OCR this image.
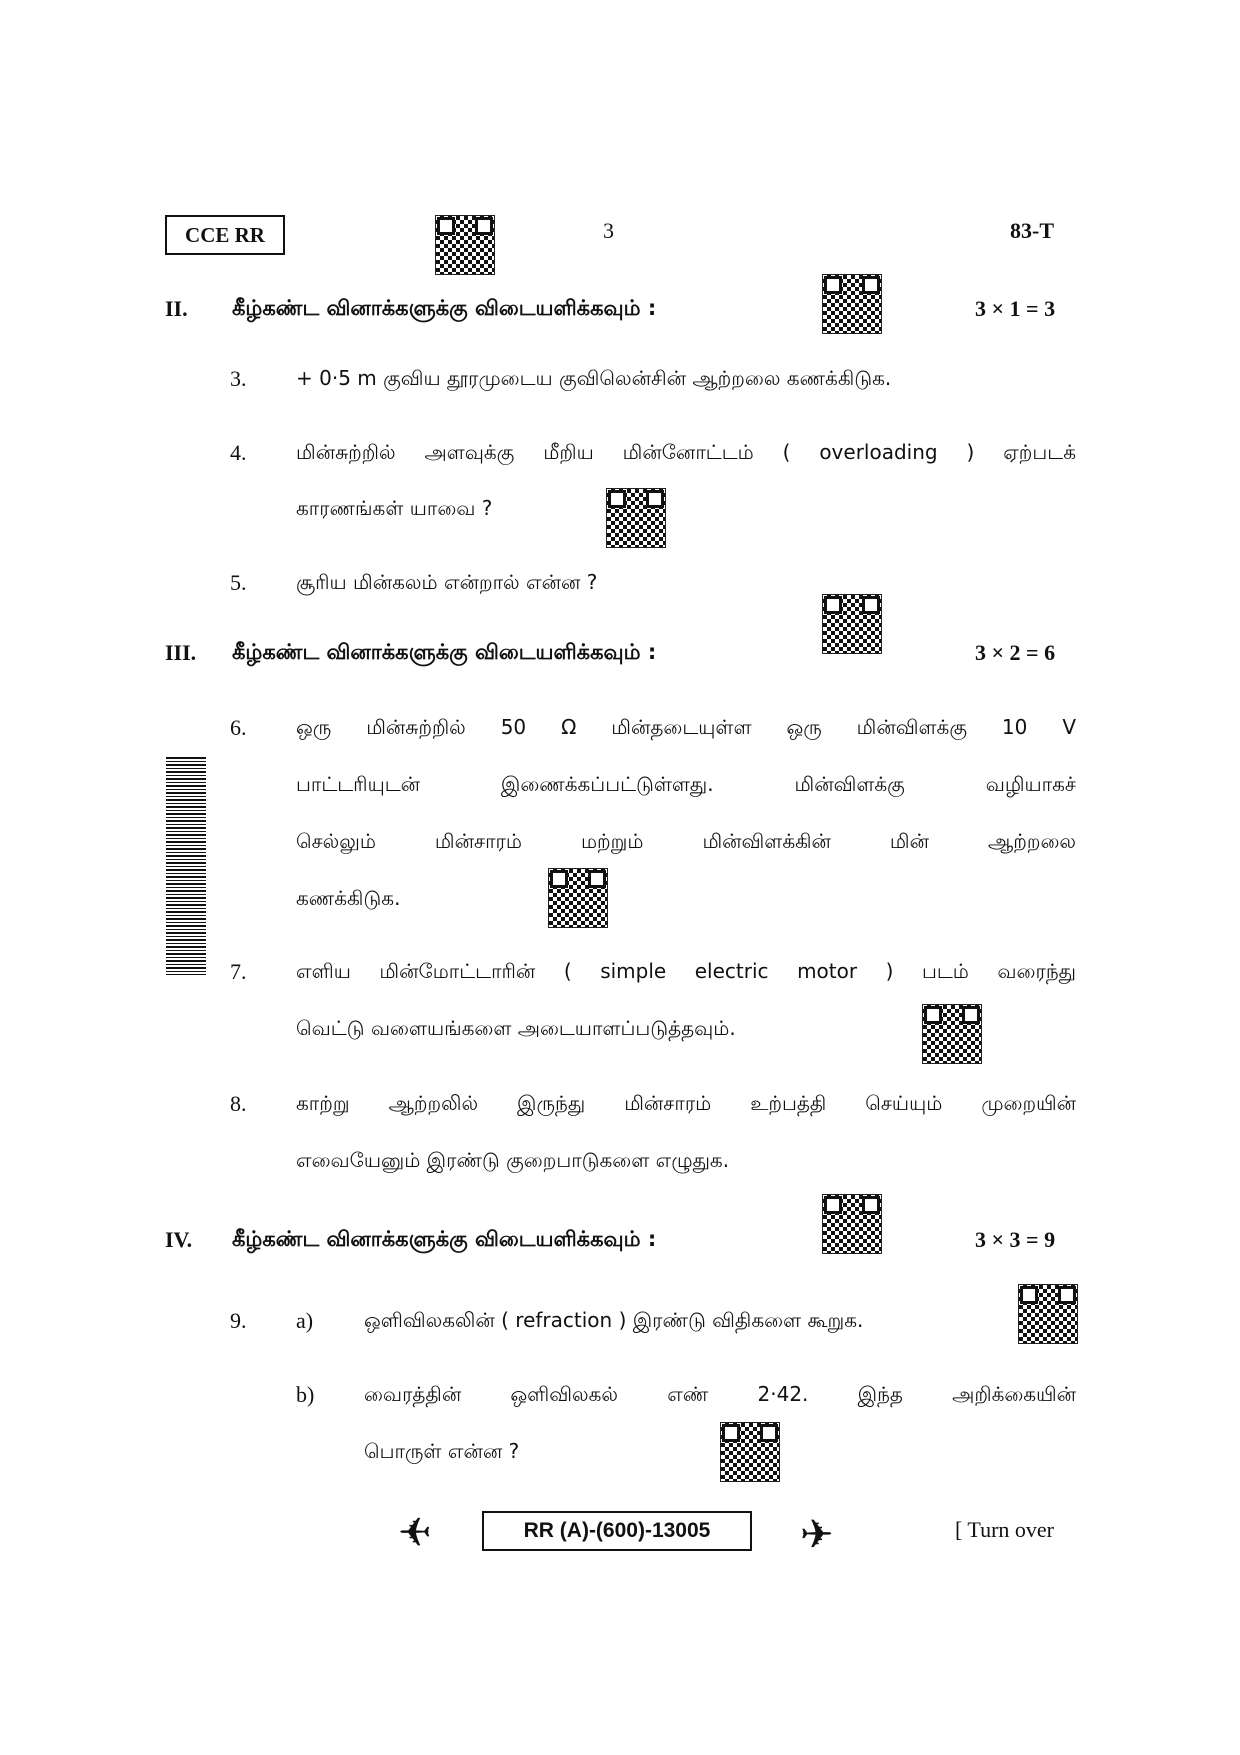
CCE RR	3	83-T
II. கீழ்கண்ட வினாக்களுக்கு விடையளிக்கவும் :	3 × 1 = 3
3. + 0·5 m குவிய தூரமுடைய குவிலென்சின் ஆற்றலை கணக்கிடுக.
4. மின்சுற்றில் அளவுக்கு மீறிய மின்னோட்டம் ( overloading ) ஏற்படக்
காரணங்கள் யாவை ?
5. சூரிய மின்கலம் என்றால் என்ன ?
III. கீழ்கண்ட வினாக்களுக்கு விடையளிக்கவும் :	3 × 2 = 6
6. ஒரு மின்சுற்றில் 50 Ω மின்தடையுள்ள ஒரு மின்விளக்கு 10 V
பாட்டரியுடன் இணைக்கப்பட்டுள்ளது. மின்விளக்கு வழியாகச்
செல்லும் மின்சாரம் மற்றும் மின்விளக்கின் மின் ஆற்றலை
கணக்கிடுக.
7. எளிய மின்மோட்டாரின் ( simple electric motor ) படம் வரைந்து
வெட்டு வளையங்களை அடையாளப்படுத்தவும்.
8. காற்று ஆற்றலில் இருந்து மின்சாரம் உற்பத்தி செய்யும் முறையின்
எவையேனும் இரண்டு குறைபாடுகளை எழுதுக.
IV. கீழ்கண்ட வினாக்களுக்கு விடையளிக்கவும் :	3 × 3 = 9
9. a)	ஒளிவிலகலின் ( refraction ) இரண்டு விதிகளை கூறுக.
b) வைரத்தின் ஒளிவிலகல் எண் 2·42. இந்த அறிக்கையின்
பொருள் என்ன ?
✈	RR (A)-(600)-13005	✈	[ Turn over
